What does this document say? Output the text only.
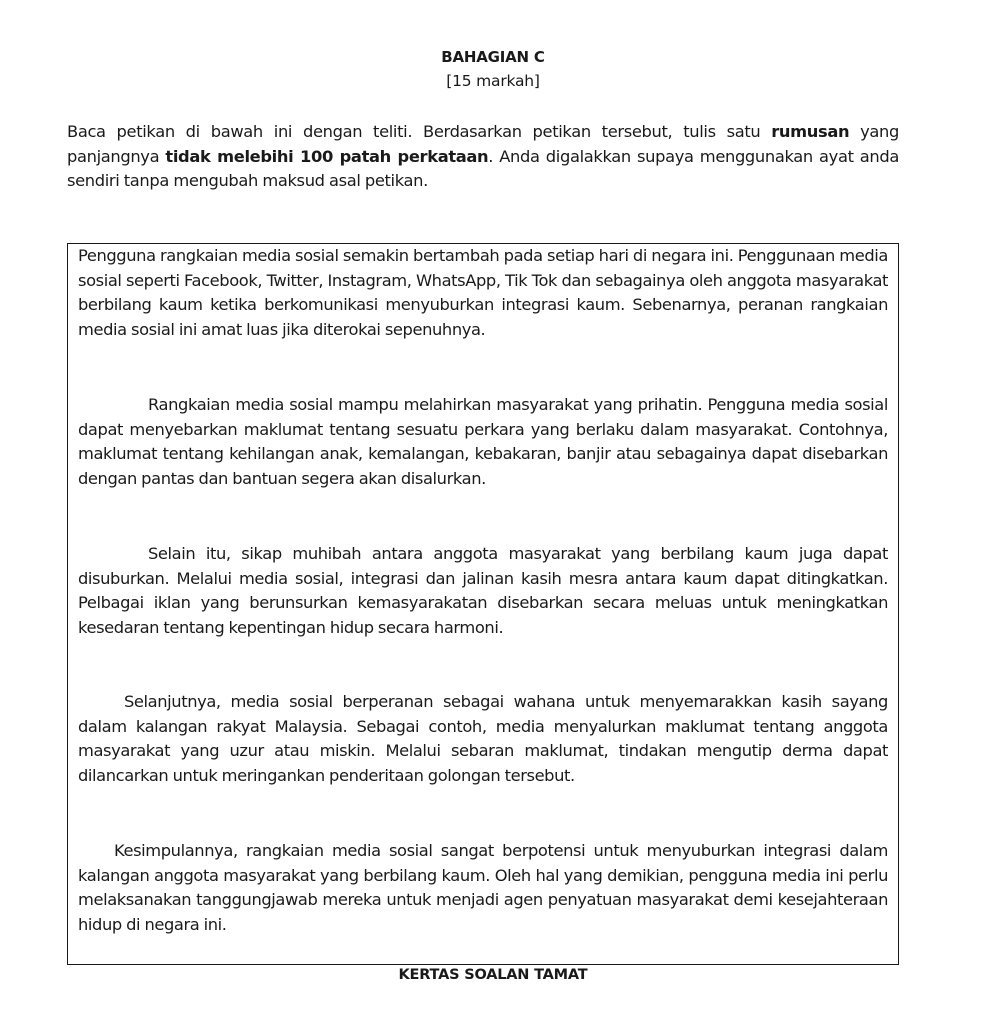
BAHAGIAN C
[15 markah]
Baca petikan di bawah ini dengan teliti. Berdasarkan petikan tersebut, tulis satu rumusan yang panjangnya tidak melebihi 100 patah perkataan. Anda digalakkan supaya menggunakan ayat anda sendiri tanpa mengubah maksud asal petikan.

Pengguna rangkaian media sosial semakin bertambah pada setiap hari di negara ini. Penggunaan media sosial seperti Facebook, Twitter, Instagram, WhatsApp, Tik Tok dan sebagainya oleh anggota masyarakat berbilang kaum ketika berkomunikasi menyuburkan integrasi kaum. Sebenarnya, peranan rangkaian media sosial ini amat luas jika diterokai sepenuhnya.

Rangkaian media sosial mampu melahirkan masyarakat yang prihatin. Pengguna media sosial dapat menyebarkan maklumat tentang sesuatu perkara yang berlaku dalam masyarakat. Contohnya, maklumat tentang kehilangan anak, kemalangan, kebakaran, banjir atau sebagainya dapat disebarkan dengan pantas dan bantuan segera akan disalurkan.

Selain itu, sikap muhibah antara anggota masyarakat yang berbilang kaum juga dapat disuburkan. Melalui media sosial, integrasi dan jalinan kasih mesra antara kaum dapat ditingkatkan. Pelbagai iklan yang berunsurkan kemasyarakatan disebarkan secara meluas untuk meningkatkan kesedaran tentang kepentingan hidup secara harmoni.

Selanjutnya, media sosial berperanan sebagai wahana untuk menyemarakkan kasih sayang dalam kalangan rakyat Malaysia. Sebagai contoh, media menyalurkan maklumat tentang anggota masyarakat yang uzur atau miskin. Melalui sebaran maklumat, tindakan mengutip derma dapat dilancarkan untuk meringankan penderitaan golongan tersebut.

Kesimpulannya, rangkaian media sosial sangat berpotensi untuk menyuburkan integrasi dalam kalangan anggota masyarakat yang berbilang kaum. Oleh hal yang demikian, pengguna media ini perlu melaksanakan tanggungjawab mereka untuk menjadi agen penyatuan masyarakat demi kesejahteraan hidup di negara ini.

KERTAS SOALAN TAMAT
